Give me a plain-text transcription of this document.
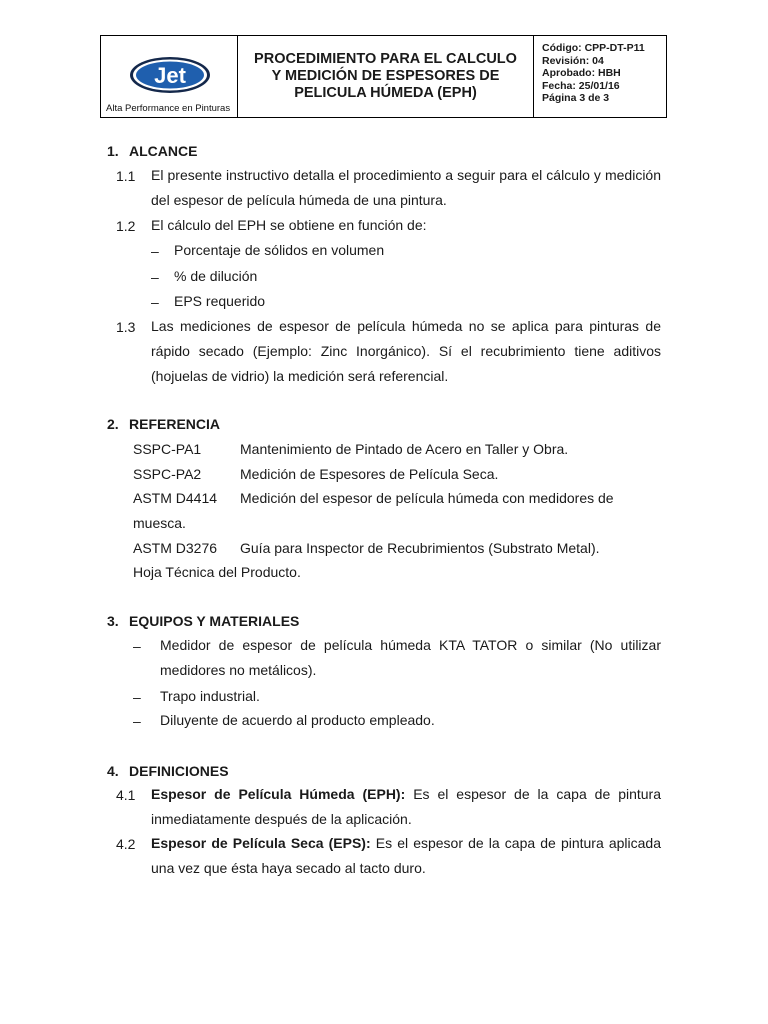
Jet
Alta Performance en Pinturas
PROCEDIMIENTO PARA EL CALCULO
Y MEDICIÓN DE ESPESORES DE
PELICULA HÚMEDA (EPH)
Código: CPP-DT-P11
Revisión: 04
Aprobado: HBH
Fecha: 25/01/16
Página 3 de 3
1. ALCANCE
1.1 El presente instructivo detalla el procedimiento a seguir para el cálculo y medición del espesor de película húmeda de una pintura.
1.2 El cálculo del EPH se obtiene en función de:
– Porcentaje de sólidos en volumen
– % de dilución
– EPS requerido
1.3 Las mediciones de espesor de película húmeda no se aplica para pinturas de rápido secado (Ejemplo: Zinc Inorgánico). Sí el recubrimiento tiene aditivos (hojuelas de vidrio) la medición será referencial.
2. REFERENCIA
SSPC-PA1	Mantenimiento de Pintado de Acero en Taller y Obra.
SSPC-PA2	Medición de Espesores de Película Seca.
ASTM D4414 Medición del espesor de película húmeda con medidores de
muesca.
ASTM D3276 Guía para Inspector de Recubrimientos (Substrato Metal).
Hoja Técnica del Producto.
3. EQUIPOS Y MATERIALES
– Medidor de espesor de película húmeda KTA TATOR o similar (No utilizar medidores no metálicos).
– Trapo industrial.
– Diluyente de acuerdo al producto empleado.
4. DEFINICIONES
4.1 Espesor de Película Húmeda (EPH): Es el espesor de la capa de pintura inmediatamente después de la aplicación.
4.2 Espesor de Película Seca (EPS): Es el espesor de la capa de pintura aplicada una vez que ésta haya secado al tacto duro.
